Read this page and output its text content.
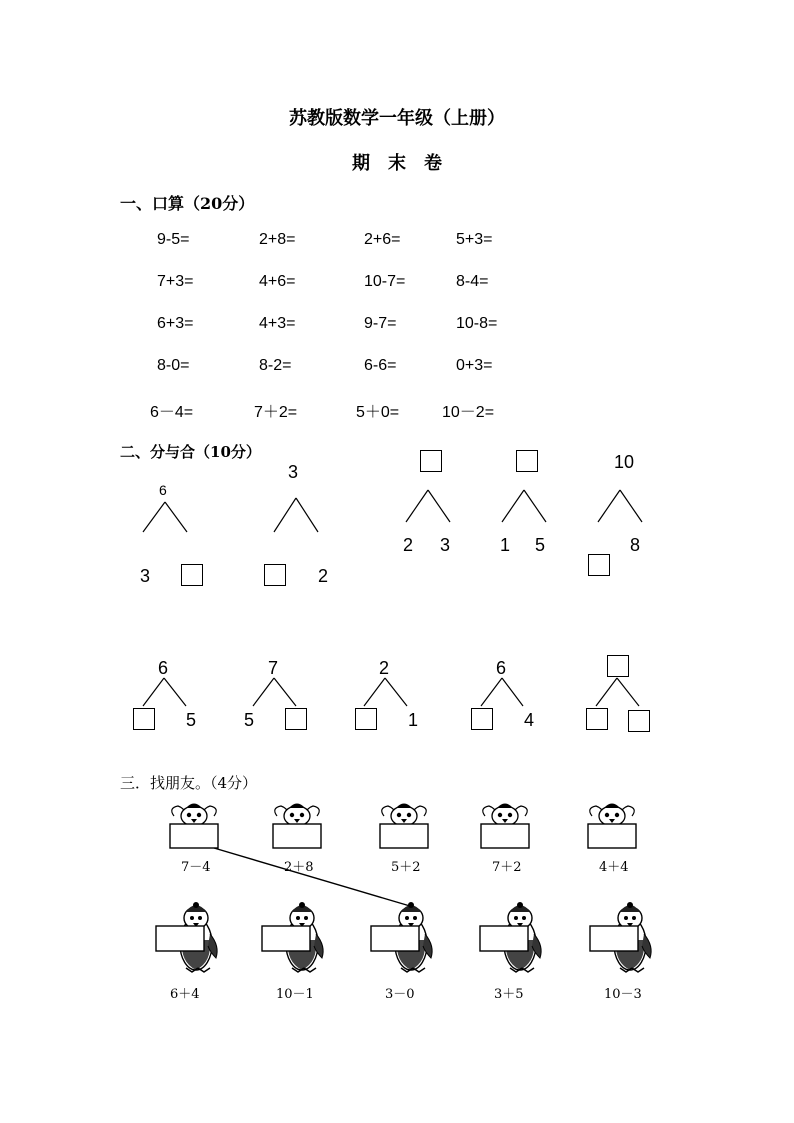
苏教版数学一年级（上册）
期　末　卷
一、口算（20分）
9-5=	2+8=	2+6=	5+3=
7+3=	4+6=	10-7=	8-4=
6+3=	4+3=	9-7=	10-8=
8-0=	8-2=	6-6=	0+3=
6－4=	7＋2=	5＋0=	10－2=
二、分与合（10分）
6
3
3
2
2 3	1 5
10
8
6
5
7
5
2
1
6
4
三．找朋友。（4分）
7－4	2＋8	5＋2	7＋2	4＋4
6＋4	10－1	3－0	3＋5	10－3
